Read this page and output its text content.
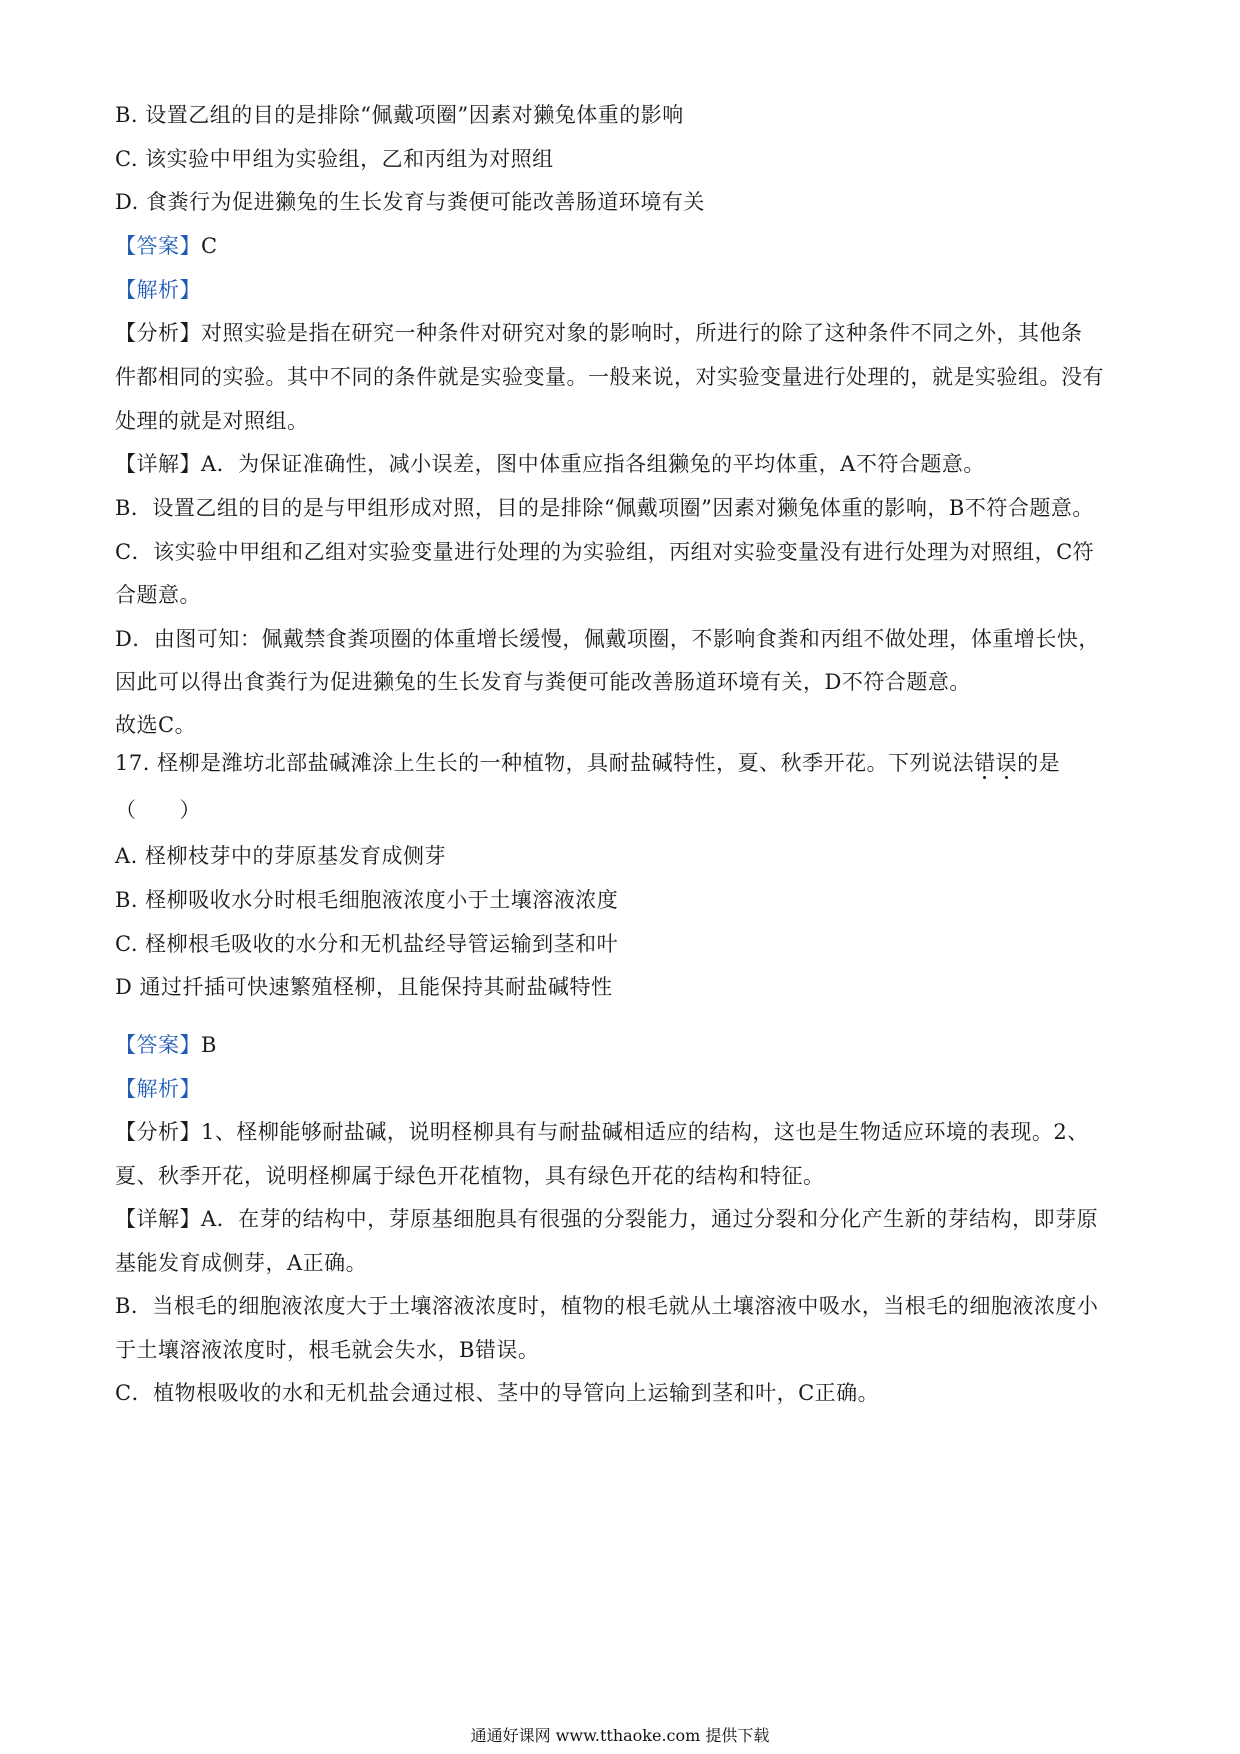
B. 设置乙组的目的是排除“佩戴项圈”因素对獭兔体重的影响
C. 该实验中甲组为实验组，乙和丙组为对照组
D. 食粪行为促进獭兔的生长发育与粪便可能改善肠道环境有关
【答案】C
【解析】
【分析】对照实验是指在研究一种条件对研究对象的影响时，所进行的除了这种条件不同之外，其他条
件都相同的实验。其中不同的条件就是实验变量。一般来说，对实验变量进行处理的，就是实验组。没有
处理的就是对照组。
【详解】A．为保证准确性，减小误差，图中体重应指各组獭兔的平均体重，A不符合题意。
B．设置乙组的目的是与甲组形成对照，目的是排除“佩戴项圈”因素对獭兔体重的影响，B不符合题意。
C．该实验中甲组和乙组对实验变量进行处理的为实验组，丙组对实验变量没有进行处理为对照组，C符
合题意。
D．由图可知：佩戴禁食粪项圈的体重增长缓慢，佩戴项圈，不影响食粪和丙组不做处理，体重增长快，
因此可以得出食粪行为促进獭兔的生长发育与粪便可能改善肠道环境有关，D不符合题意。
故选C。
17. 柽柳是潍坊北部盐碱滩涂上生长的一种植物，具耐盐碱特性，夏、秋季开花。下列说法错误的是
（　　）
A. 柽柳枝芽中的芽原基发育成侧芽
B. 柽柳吸收水分时根毛细胞液浓度小于土壤溶液浓度
C. 柽柳根毛吸收的水分和无机盐经导管运输到茎和叶
D 通过扦插可快速繁殖柽柳，且能保持其耐盐碱特性
【答案】B
【解析】
【分析】1、柽柳能够耐盐碱，说明柽柳具有与耐盐碱相适应的结构，这也是生物适应环境的表现。2、
夏、秋季开花，说明柽柳属于绿色开花植物，具有绿色开花的结构和特征。
【详解】A．在芽的结构中，芽原基细胞具有很强的分裂能力，通过分裂和分化产生新的芽结构，即芽原
基能发育成侧芽，A正确。
B．当根毛的细胞液浓度大于土壤溶液浓度时，植物的根毛就从土壤溶液中吸水，当根毛的细胞液浓度小
于土壤溶液浓度时，根毛就会失水，B错误。
C．植物根吸收的水和无机盐会通过根、茎中的导管向上运输到茎和叶，C正确。
通通好课网 www.tthaoke.com 提供下载
